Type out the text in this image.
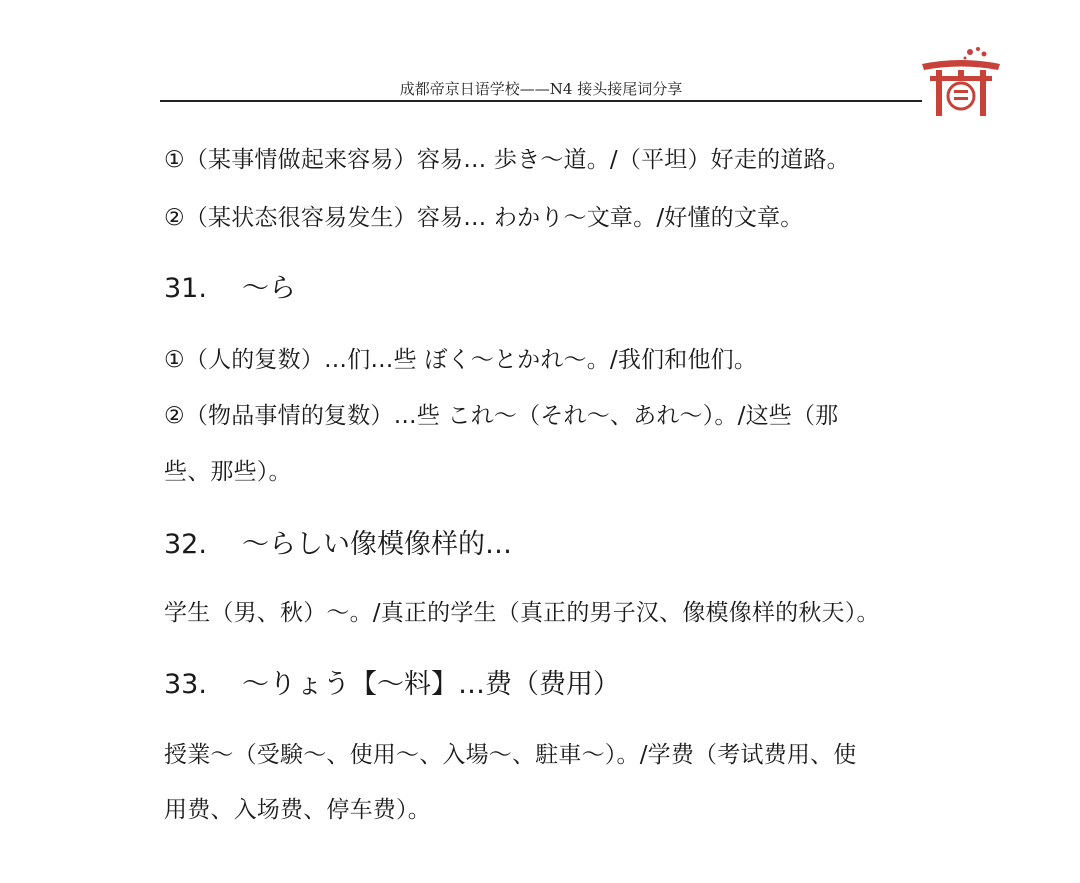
成都帝京日语学校——N4 接头接尾词分享
①（某事情做起来容易）容易… 歩き〜道。/（平坦）好走的道路。
②（某状态很容易发生）容易… わかり〜文章。/好懂的文章。
31. 〜ら
①（人的复数）…们…些 ぼく〜とかれ〜。/我们和他们。
②（物品事情的复数）…些 これ〜（それ〜、あれ〜）。/这些（那
些、那些）。
32. 〜らしい像模像样的…
学生（男、秋）〜。/真正的学生（真正的男子汉、像模像样的秋天）。
33. 〜りょう【〜料】…费（费用）
授業〜（受験〜、使用〜、入場〜、駐車〜）。/学费（考试费用、使
用费、入场费、停车费）。
